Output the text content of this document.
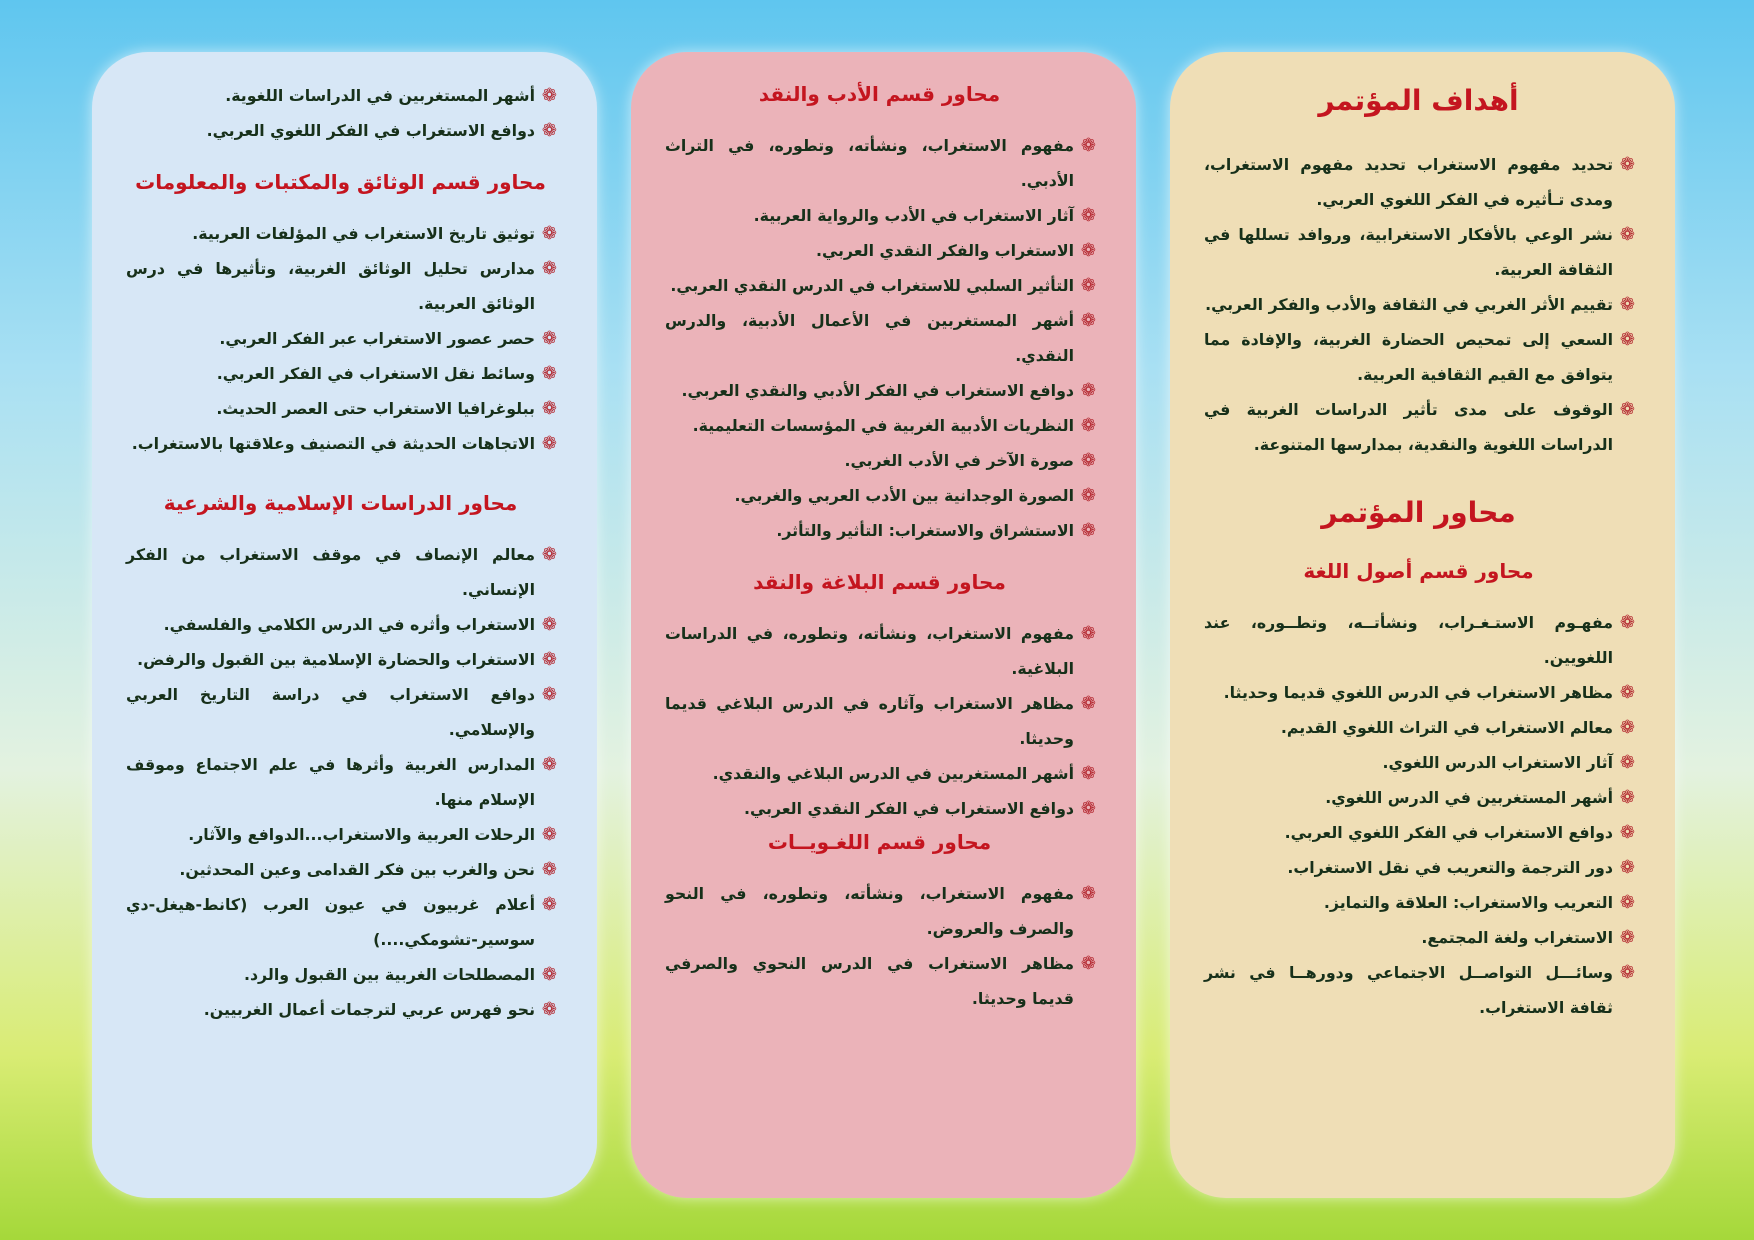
أهداف المؤتمر
❁
تحديد مفهوم الاستغراب تحديد مفهوم الاستغراب، ومدى تـأثيره في الفكر اللغوي العربي.
❁
نشر الوعي بالأفكار الاستغرابية، وروافد تسللها في الثقافة العربية.
❁
تقييم الأثر الغربي في الثقافة والأدب والفكر العربي.
❁
السعي إلى تمحيص الحضارة الغربية، والإفادة مما يتوافق مع القيم الثقافية العربية.
❁
الوقوف على مدى تأثير الدراسات الغربية في الدراسات اللغوية والنقدية، بمدارسها المتنوعة.
محاور المؤتمر
محاور قسم أصول اللغة
❁
مفهـوم الاستـغـراب، ونشأتــه، وتطــوره، عند اللغويين.
❁
مظاهر الاستغراب في الدرس اللغوي قديما وحديثا.
❁
معالم الاستغراب في التراث اللغوي القديم.
❁
آثار الاستغراب الدرس اللغوي.
❁
أشهر المستغربين في الدرس اللغوي.
❁
دوافع الاستغراب في الفكر اللغوي العربي.
❁
دور الترجمة والتعريب في نقل الاستغراب.
❁
التعريب والاستغراب: العلاقة والتمايز.
❁
الاستغراب ولغة المجتمع.
❁
وسائـــل التواصــل الاجتماعي ودورهــا في نشر ثقافة الاستغراب.
محاور قسم الأدب والنقد
❁
مفهوم الاستغراب، ونشأته، وتطوره، في التراث الأدبي.
❁
آثار الاستغراب في الأدب والرواية العربية.
❁
الاستغراب والفكر النقدي العربي.
❁
التأثير السلبي للاستغراب في الدرس النقدي العربي.
❁
أشهر المستغربين في الأعمال الأدبية، والدرس النقدي.
❁
دوافع الاستغراب في الفكر الأدبي والنقدي العربي.
❁
النظريات الأدبية الغربية في المؤسسات التعليمية.
❁
صورة الآخر في الأدب الغربي.
❁
الصورة الوجدانية بين الأدب العربي والغربي.
❁
الاستشراق والاستغراب: التأثير والتأثر.
محاور قسم البلاغة والنقد
❁
مفهوم الاستغراب، ونشأته، وتطوره، في الدراسات البلاغية.
❁
مظاهر الاستغراب وآثاره في الدرس البلاغي قديما وحديثا.
❁
أشهر المستغربين في الدرس البلاغي والنقدي.
❁
دوافع الاستغراب في الفكر النقدي العربي.
محاور قسم اللغـويــات
❁
مفهوم الاستغراب، ونشأته، وتطوره، في النحو والصرف والعروض.
❁
مظاهر الاستغراب في الدرس النحوي والصرفي قديما وحديثا.
❁
أشهر المستغربين في الدراسات اللغوية.
❁
دوافع الاستغراب في الفكر اللغوي العربي.
محاور قسم الوثائق والمكتبات والمعلومات
❁
توثيق تاريخ الاستغراب في المؤلفات العربية.
❁
مدارس تحليل الوثائق الغربية، وتأثيرها في درس الوثائق العربية.
❁
حصر عصور الاستغراب عبر الفكر العربي.
❁
وسائط نقل الاستغراب في الفكر العربي.
❁
ببلوغرافيا الاستغراب حتى العصر الحديث.
❁
الاتجاهات الحديثة في التصنيف وعلاقتها بالاستغراب.
محاور الدراسات الإسلامية والشرعية
❁
معالم الإنصاف في موقف الاستغراب من الفكر الإنساني.
❁
الاستغراب وأثره في الدرس الكلامي والفلسفي.
❁
الاستغراب والحضارة الإسلامية بين القبول والرفض.
❁
دوافع الاستغراب في دراسة التاريخ العربي والإسلامي.
❁
المدارس الغربية وأثرها في علم الاجتماع وموقف الإسلام منها.
❁
الرحلات العربية والاستغراب...الدوافع والآثار.
❁
نحن والغرب بين فكر القدامى وعين المحدثين.
❁
أعلام غربيون في عيون العرب (كانط-هيغل-دي سوسير-تشومكي....)
❁
المصطلحات الغربية بين القبول والرد.
❁
نحو فهرس عربي لترجمات أعمال الغربيين.
